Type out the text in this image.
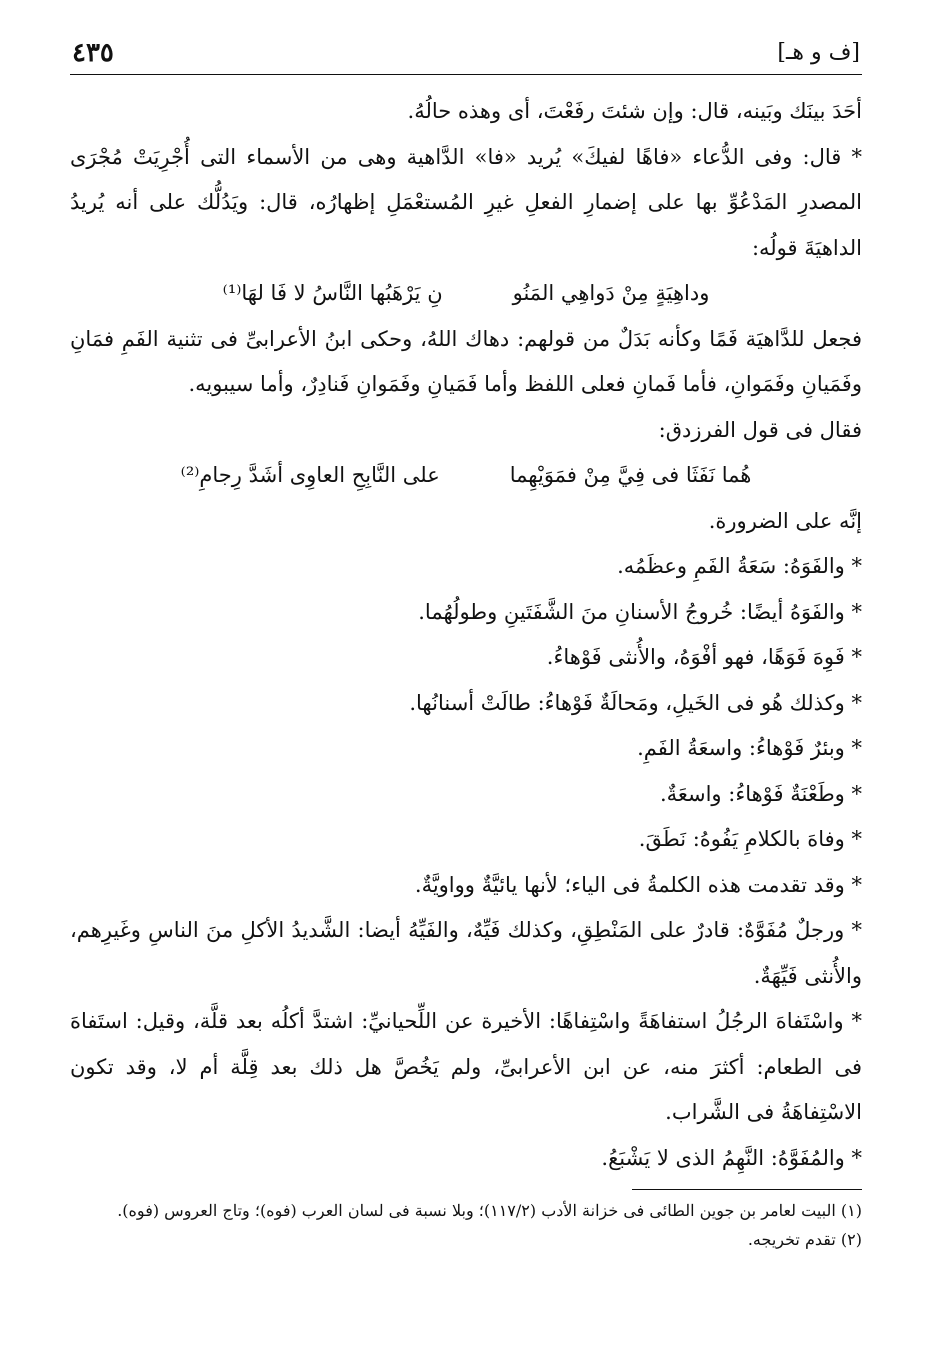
[ف و هـ]
٤٣٥

أحَدَ بينَك وبَينه، قال: وإن شئتَ رفَعْتَ، أى وهذه حالُهُ.

* قال: وفى الدُّعاء «فاهًا لفيكَ» يُريد «فا» الدَّاهية وهى من الأسماء التى أُجْرِيَتْ مُجْرَى المصدرِ المَدْعُوِّ بها على إضمارِ الفعلِ غيرِ المُستعْمَلِ إظهارُه، قال: ويَدُلُّك على أنه يُريدُ الداهيَةَ قولُه:

وداهِيَةٍ مِنْ دَواهِي المَنُو
نِ يَرْهَبُها النَّاسُ لا فَا لهَا⁽¹⁾

فجعل للدَّاهيَة فَمًا وكأنه بَدَلٌ من قولهم: دهاك اللهُ، وحكى ابنُ الأعرابىِّ فى تثنية الفَمِ فمَانِ وفَمَيانِ وفَمَوانِ، فأما فَمانِ فعلى اللفظ وأما فَمَيانِ وفَمَوانِ فَنادِرٌ، وأما سيبويه.

فقال فى قول الفرزدق:

هُما نَفَثَا فى فِيَّ مِنْ فمَوَيْهِما
على النَّابِحِ العاوِى أشَدَّ رِجامِ⁽²⁾

إنَّه على الضرورة.

* والفَوَهُ: سَعَةُ الفَمِ وعظَمُه.

* والفَوَهُ أيضًا: خُروجُ الأسنانِ منَ الشَّفَتَينِ وطولُهُما.

* فَوِهَ فَوَهًا، فهو أفْوَهُ، والأُنثى فَوْهاءُ.

* وكذلك هُو فى الخَيلِ، ومَحالَةٌ فَوْهاءُ: طالَتْ أسنانُها.

* وبئرٌ فَوْهاءُ: واسعَةُ الفَمِ.

* وطَعْنَةٌ فَوْهاءُ: واسعَةٌ.

* وفاهَ بالكلامِ يَفُوهُ: نَطَقَ.

* وقد تقدمت هذه الكلمةُ فى الياء؛ لأنها يائيَّةٌ وواويَّةٌ.

* ورجلٌ مُفَوَّهٌ: قادرٌ على المَنْطِقِ، وكذلك فَيِّهٌ، والفَيِّهُ أيضا: الشَّديدُ الأكلِ منَ الناسِ وغَيرِهم، والأُنثى فَيِّهَةٌ.

* واسْتَفاهَ الرجُلُ استفاهَةً واسْتِفاهًا: الأخيرة عن اللِّحيانيِّ: اشتدَّ أكلُه بعد قلَّة، وقيل: استَفاهَ فى الطعام: أكثرَ منه، عن ابن الأعرابىِّ، ولم يَخُصَّ هل ذلك بعد قِلَّة أم لا، وقد تكون الاسْتِفاهَةُ فى الشَّراب.

* والمُفَوَّهُ: النَّهِمُ الذى لا يَشْبَعُ.

(١) البيت لعامر بن جوين الطائى فى خزانة الأدب (١١٧/٢)؛ وبلا نسبة فى لسان العرب (فوه)؛ وتاج العروس (فوه).

(٢) تقدم تخريجه.
